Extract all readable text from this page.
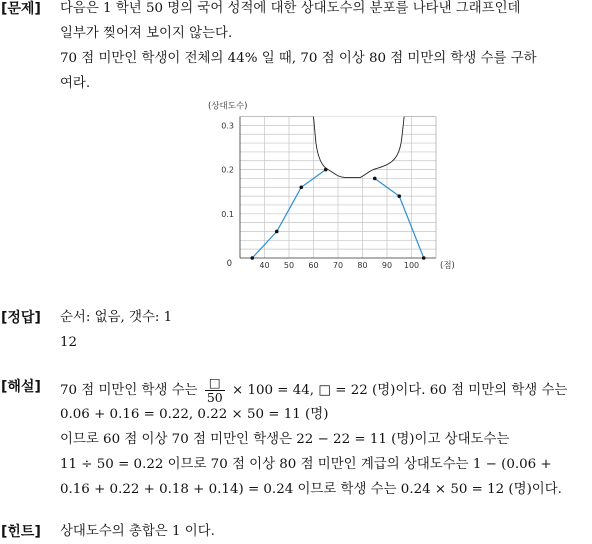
[문제] 다음은 1 학년 50 명의 국어 성적에 대한 상대도수의 분포를 나타낸 그래프인데
일부가 찢어져 보이지 않는다.
70 점 미만인 학생이 전체의 44% 일 때, 70 점 이상 80 점 미만의 학생 수를 구하
여라.
0.1
0.2
0.3
40 50 60 70 80 90 100
0
(상대도수)
(점)
[정답] 순서: 없음, 갯수: 1
12
[해설] 70 점 미만인 학생 수는 $\frac{□}{50} \times 100 = 44$, □ = 22 (명)이다. 60 점 미만의 학생 수는
0.06 + 0.16 = 0.22, 0.22 × 50 = 11 (명)
이므로 60 점 이상 70 점 미만인 학생은 22 − 22 = 11 (명)이고 상대도수는
11 ÷ 50 = 0.22 이므로 70 점 이상 80 점 미만인 계급의 상대도수는 1 − (0.06 +
0.16 + 0.22 + 0.18 + 0.14) = 0.24 이므로 학생 수는 0.24 × 50 = 12 (명)이다.
[힌트] 상대도수의 총합은 1 이다.
